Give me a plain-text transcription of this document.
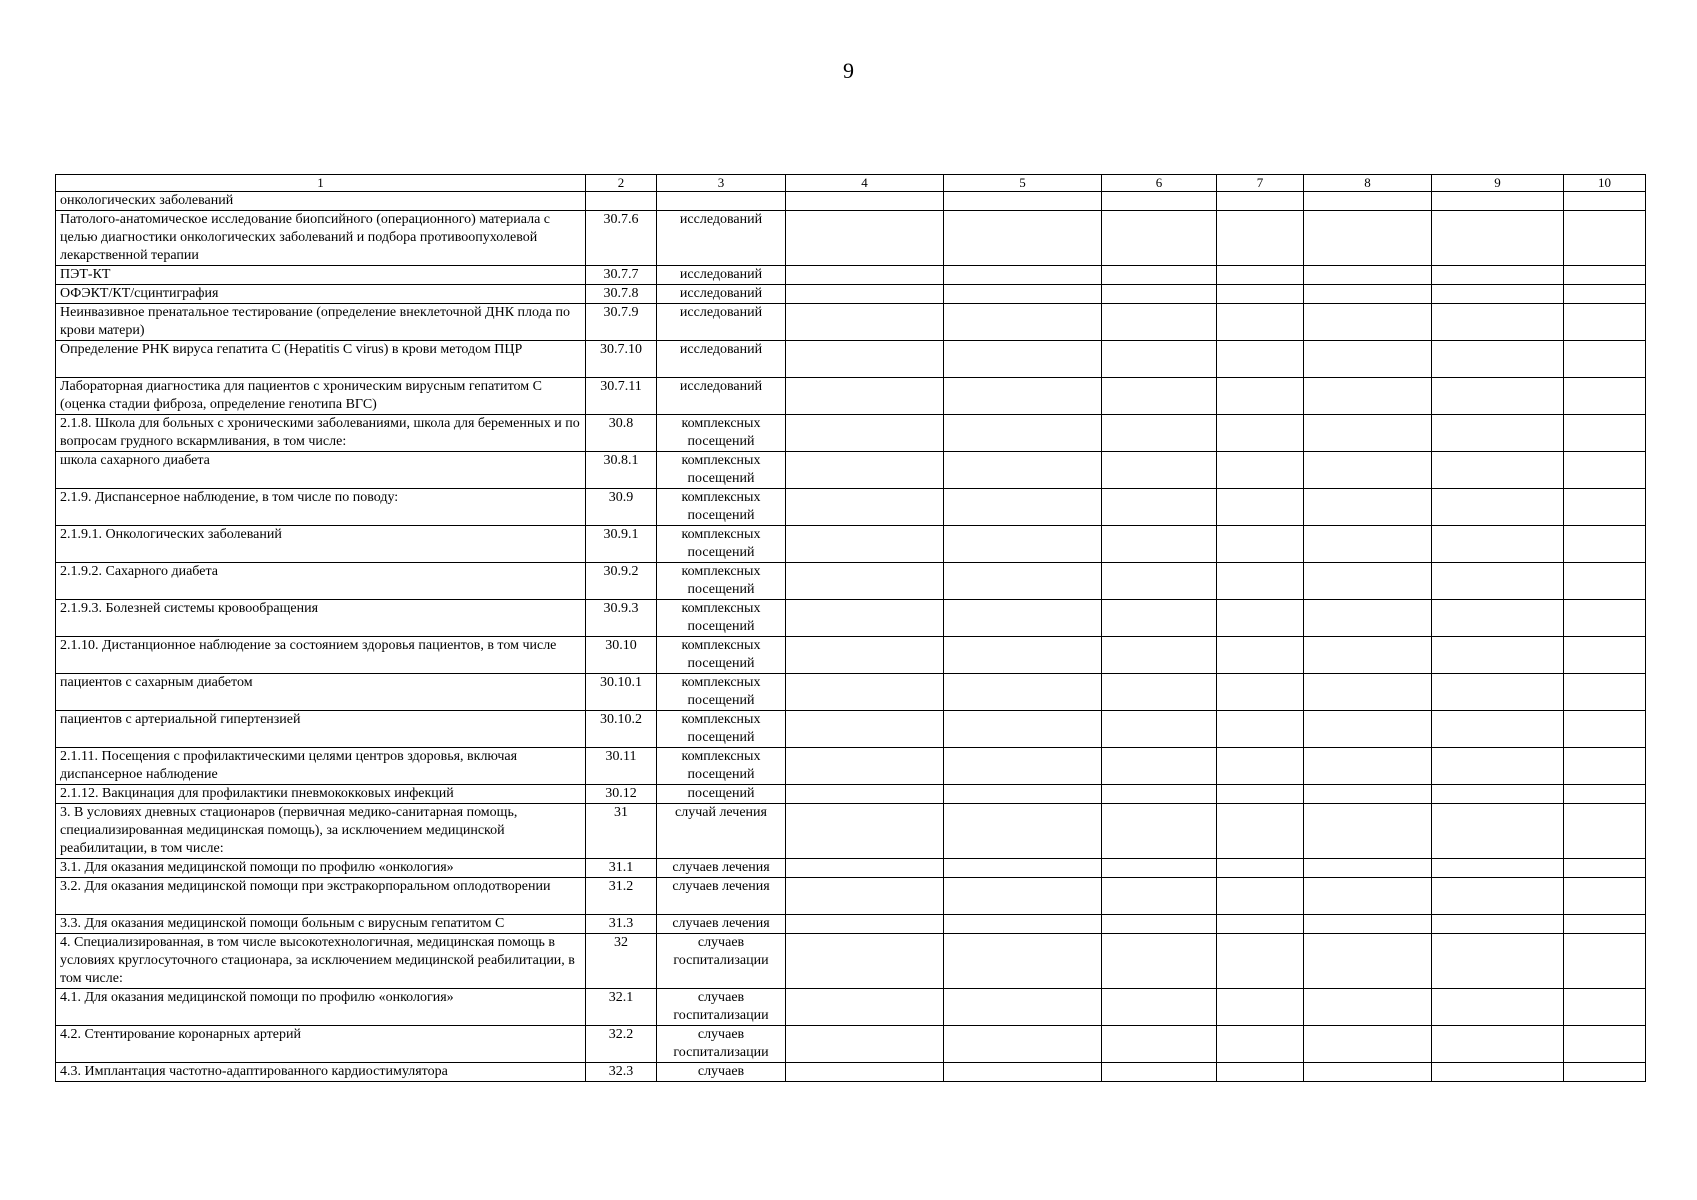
9
1	2	3	4	5	6	7	8	9	10
онкологических заболеваний									
Патолого-анатомическое исследование биопсийного (операционного) материала с целью диагностики онкологических заболеваний и подбора противоопухолевой лекарственной терапии	30.7.6	исследований							
ПЭТ-КТ	30.7.7	исследований							
ОФЭКТ/КТ/сцинтиграфия	30.7.8	исследований							
Неинвазивное пренатальное тестирование (определение внеклеточной ДНК плода по крови матери)	30.7.9	исследований							
Определение РНК вируса гепатита С (Hepatitis C virus) в крови методом ПЦР	30.7.10	исследований							
Лабораторная диагностика для пациентов с хроническим вирусным гепатитом С (оценка стадии фиброза, определение генотипа ВГС)	30.7.11	исследований							
2.1.8. Школа для больных с хроническими заболеваниями, школа для беременных и по вопросам грудного вскармливания, в том числе:	30.8	комплексных посещений							
школа сахарного диабета	30.8.1	комплексных посещений							
2.1.9. Диспансерное наблюдение, в том числе по поводу:	30.9	комплексных посещений							
2.1.9.1. Онкологических заболеваний	30.9.1	комплексных посещений							
2.1.9.2. Сахарного диабета	30.9.2	комплексных посещений							
2.1.9.3. Болезней системы кровообращения	30.9.3	комплексных посещений							
2.1.10. Дистанционное наблюдение за состоянием здоровья пациентов, в том числе	30.10	комплексных посещений							
пациентов с сахарным диабетом	30.10.1	комплексных посещений							
пациентов с артериальной гипертензией	30.10.2	комплексных посещений							
2.1.11. Посещения с профилактическими целями центров здоровья, включая диспансерное наблюдение	30.11	комплексных посещений							
2.1.12. Вакцинация для профилактики пневмококковых инфекций	30.12	посещений							
3. В условиях дневных стационаров (первичная медико-санитарная помощь, специализированная медицинская помощь), за исключением медицинской реабилитации, в том числе:	31	случай лечения							
3.1. Для оказания медицинской помощи по профилю «онкология»	31.1	случаев лечения							
3.2. Для оказания медицинской помощи при экстракорпоральном оплодотворении	31.2	случаев лечения							
3.3. Для оказания медицинской помощи больным с вирусным гепатитом С	31.3	случаев лечения							
4. Специализированная, в том числе высокотехнологичная, медицинская помощь в условиях круглосуточного стационара, за исключением медицинской реабилитации, в том числе:	32	случаев госпитализации							
4.1. Для оказания медицинской помощи по профилю «онкология»	32.1	случаев госпитализации							
4.2. Стентирование коронарных артерий	32.2	случаев госпитализации							
4.3. Имплантация частотно-адаптированного кардиостимулятора	32.3	случаев							
